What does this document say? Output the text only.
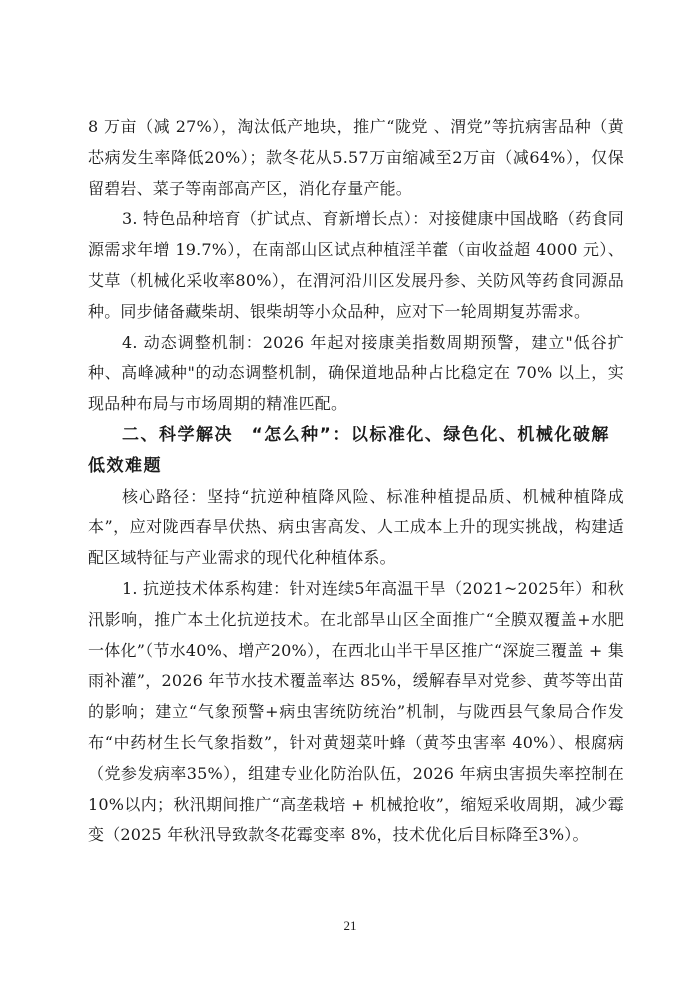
8 万亩（减 27%），淘汰低产地块，推广“陇党 、渭党”等抗病害品种（黄芯病发生率降低20%）；款冬花从5.57万亩缩减至2万亩（减64%），仅保留碧岩、菜子等南部高产区，消化存量产能。

3. 特色品种培育（扩试点、育新增长点）：对接健康中国战略（药食同源需求年增 19.7%），在南部山区试点种植淫羊藿（亩收益超 4000 元）、艾草（机械化采收率80%），在渭河沿川区发展丹参、关防风等药食同源品种。同步储备藏柴胡、银柴胡等小众品种，应对下一轮周期复苏需求。

4. 动态调整机制：2026 年起对接康美指数周期预警，建立"低谷扩种、高峰减种"的动态调整机制，确保道地品种占比稳定在 70% 以上，实现品种布局与市场周期的精准匹配。

二、科学解决　“怎么种”：以标准化、绿色化、机械化破解低效难题

核心路径：坚持“抗逆种植降风险、标准种植提品质、机械种植降成本”，应对陇西春旱伏热、病虫害高发、人工成本上升的现实挑战，构建适配区域特征与产业需求的现代化种植体系。

1. 抗逆技术体系构建：针对连续5年高温干旱（2021~2025年）和秋汛影响，推广本土化抗逆技术。在北部旱山区全面推广“全膜双覆盖+水肥一体化”（节水40%、增产20%），在西北山半干旱区推广“深旋三覆盖 + 集雨补灌”，2026 年节水技术覆盖率达 85%，缓解春旱对党参、黄芩等出苗的影响；建立“气象预警+病虫害统防统治”机制，与陇西县气象局合作发布“中药材生长气象指数”，针对黄翅菜叶蜂（黄芩虫害率 40%）、根腐病（党参发病率35%），组建专业化防治队伍，2026 年病虫害损失率控制在10%以内；秋汛期间推广“高垄栽培 + 机械抢收”，缩短采收周期，减少霉变（2025 年秋汛导致款冬花霉变率 8%，技术优化后目标降至3%）。

21
